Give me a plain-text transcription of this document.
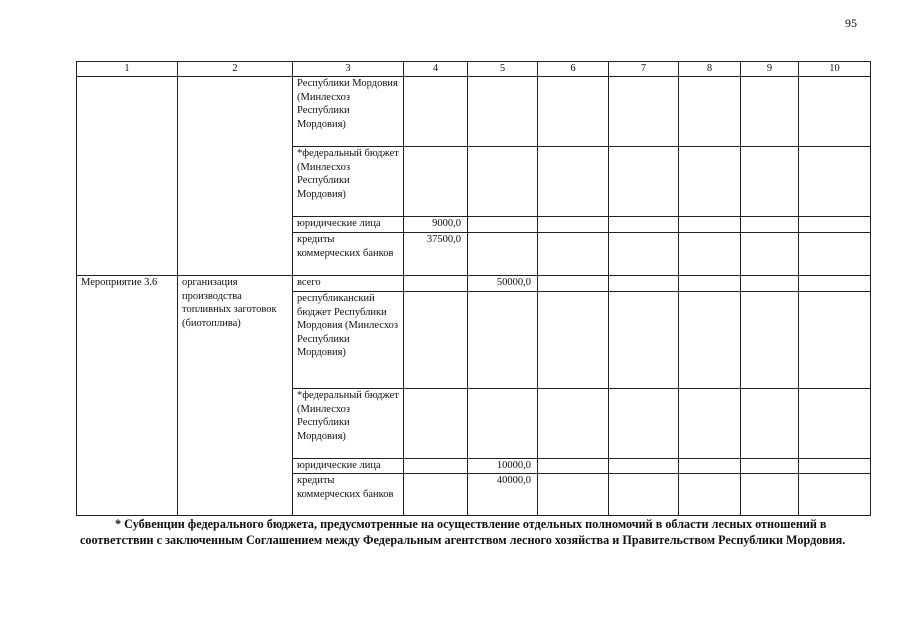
95
1	2	3	4	5	6	7	8	9	10
		Республики Мордовия (Минлесхоз Республики Мордовия)							
		*федеральный бюджет (Минлесхоз Республики Мордовия)							
		юридические лица	9000,0						
		кредиты коммерческих банков	37500,0						
Мероприятие 3.6	организация производства топливных заготовок (биотоплива)	всего		50000,0					
		республиканский бюджет Республики Мордовия (Минлесхоз Республики Мордовия)							
		*федеральный бюджет (Минлесхоз Республики Мордовия)							
		юридические лица		10000,0					
		кредиты коммерческих банков		40000,0					

* Субвенции федерального бюджета, предусмотренные на осуществление отдельных полномочий в области лесных отношений в

соответствии с заключенным Соглашением между Федеральным агентством лесного хозяйства и Правительством Республики Мордовия.
